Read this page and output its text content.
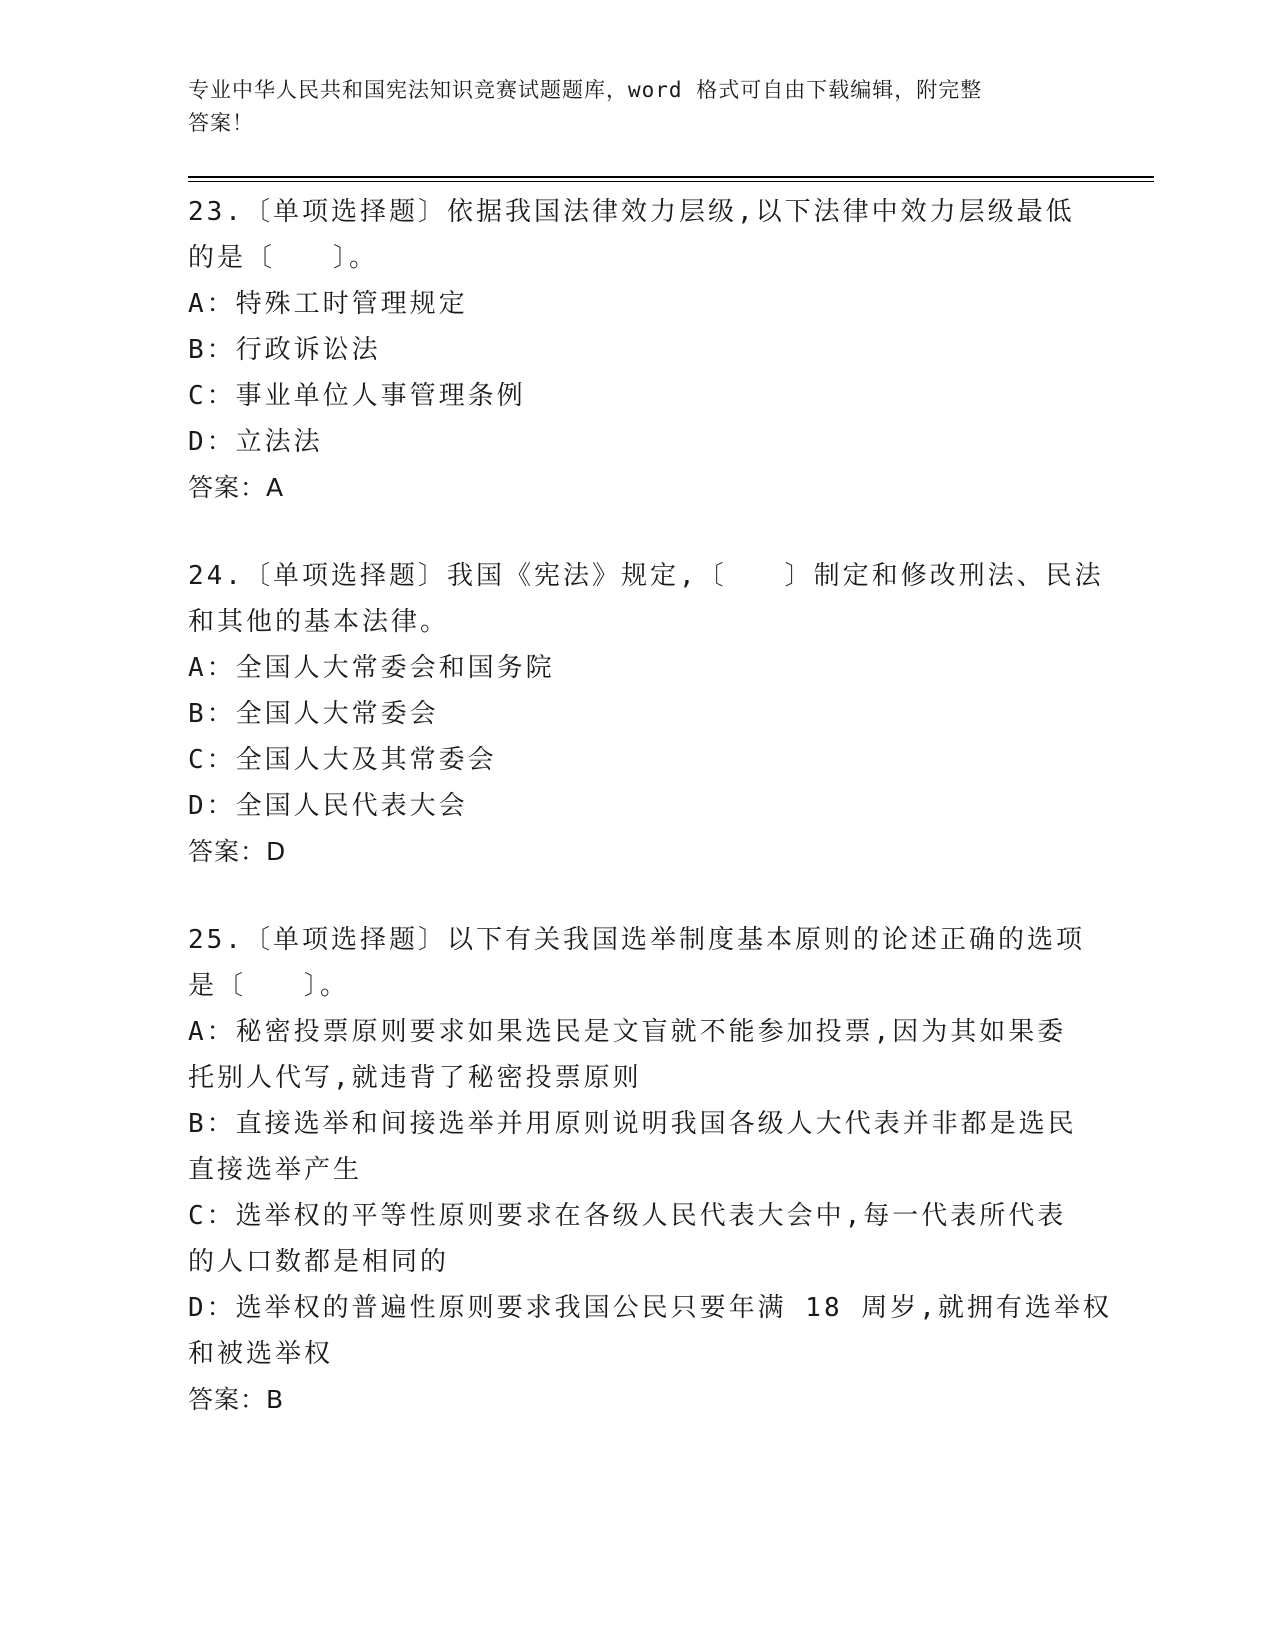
专业中华人民共和国宪法知识竞赛试题题库，word 格式可自由下载编辑，附完整
答案！
23.〔单项选择题〕依据我国法律效力层级,以下法律中效力层级最低
的是〔　　〕。
A：特殊工时管理规定
B：行政诉讼法
C：事业单位人事管理条例
D：立法法
答案：A
24.〔单项选择题〕我国《宪法》规定,〔　　〕制定和修改刑法、民法
和其他的基本法律。
A：全国人大常委会和国务院
B：全国人大常委会
C：全国人大及其常委会
D：全国人民代表大会
答案：D
25.〔单项选择题〕以下有关我国选举制度基本原则的论述正确的选项
是〔　　〕。
A：秘密投票原则要求如果选民是文盲就不能参加投票,因为其如果委
托别人代写,就违背了秘密投票原则
B：直接选举和间接选举并用原则说明我国各级人大代表并非都是选民
直接选举产生
C：选举权的平等性原则要求在各级人民代表大会中,每一代表所代表
的人口数都是相同的
D：选举权的普遍性原则要求我国公民只要年满 18 周岁,就拥有选举权
和被选举权
答案：B
